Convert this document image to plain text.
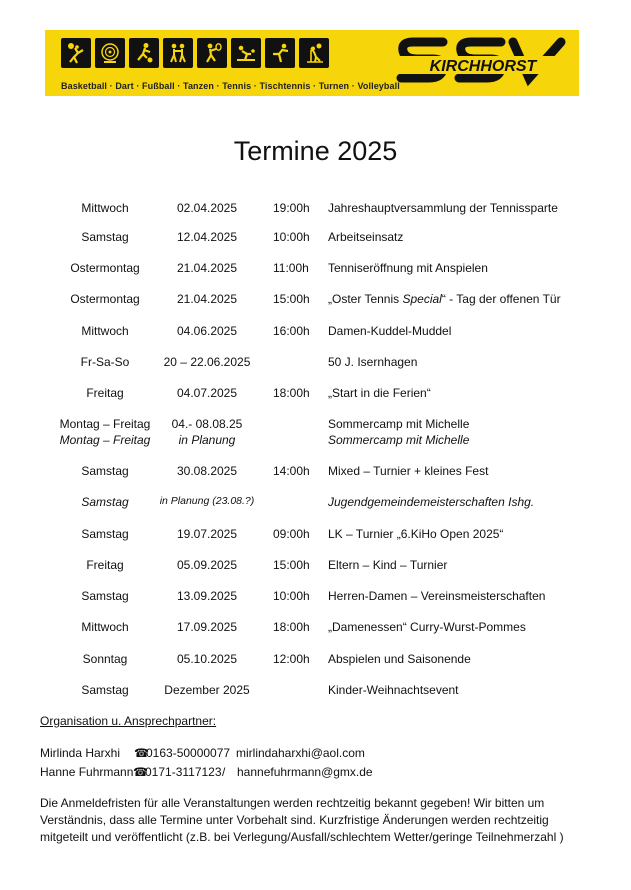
Basketball · Dart · Fußball · Tanzen · Tennis · Tischtennis · Turnen · Volleyball
KIRCHHORST
Termine 2025
Mittwoch	02.04.2025	19:00h Jahreshauptversammlung der Tennissparte
Samstag	12.04.2025	10:00h Arbeitseinsatz
Ostermontag	21.04.2025	11:00h Tenniseröffnung mit Anspielen
Ostermontag	21.04.2025	15:00h „Oster Tennis Special“ - Tag der offenen Tür
Mittwoch	04.06.2025	16:00h Damen-Kuddel-Muddel
Fr-Sa-So	20 – 22.06.2025	50 J. Isernhagen
Freitag	04.07.2025	18:00h „Start in die Ferien“
Montag – Freitag	04.- 08.08.25	Sommercamp mit Michelle
Montag – Freitag	in Planung	Sommercamp mit Michelle
Samstag	30.08.2025	14:00h Mixed – Turnier + kleines Fest
Samstag	in Planung (23.08.?)	Jugendgemeindemeisterschaften Ishg.
Samstag	19.07.2025	09:00h LK – Turnier „6.KiHo Open 2025“
Freitag	05.09.2025	15:00h Eltern – Kind – Turnier
Samstag	13.09.2025	10:00h Herren-Damen – Vereinsmeisterschaften
Mittwoch	17.09.2025	18:00h „Damenessen“ Curry-Wurst-Pommes
Sonntag	05.10.2025	12:00h Abspielen und Saisonende
Samstag	Dezember 2025	Kinder-Weihnachtsevent
Organisation u. Ansprechpartner:
Mirlinda Harxhi ☎
0163-50000077 mirlindaharxhi@aol.com
Hanne Fuhrmann ☎
0171-3117123 / hannefuhrmann@gmx.de
Die Anmeldefristen für alle Veranstaltungen werden rechtzeitig bekannt gegeben! Wir bitten um Verständnis, dass alle Termine unter Vorbehalt sind. Kurzfristige Änderungen werden rechtzeitig mitgeteilt und veröffentlicht (z.B. bei Verlegung/Ausfall/schlechtem Wetter/geringe Teilnehmerzahl )
